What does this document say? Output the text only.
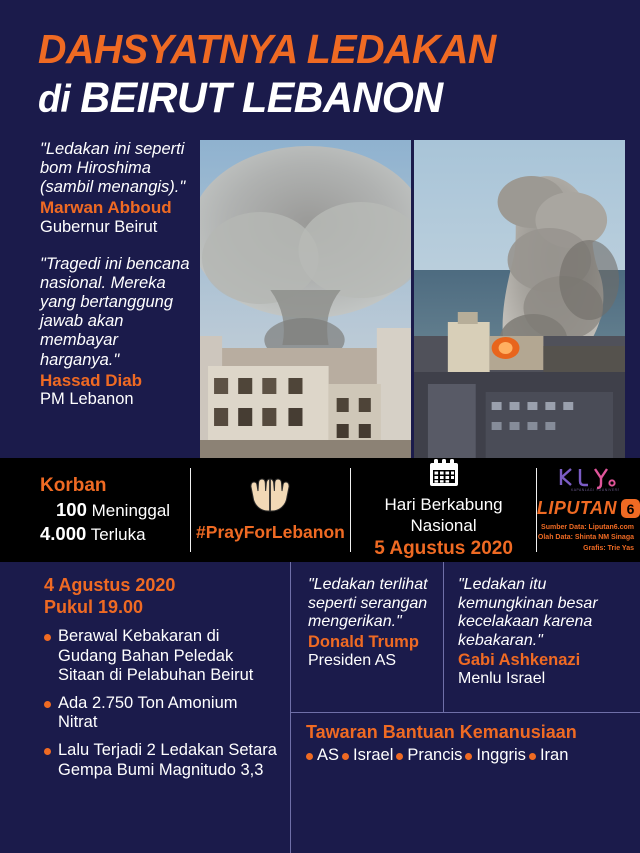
DAHSYATNYA LEDAKAN
di BEIRUT LEBANON
"Ledakan ini seperti bom Hiroshima (sambil menangis)."
Marwan Abboud
Gubernur Beirut
"Tragedi ini bencana nasional. Mereka yang bertanggung jawab akan membayar harganya."
Hassad Diab
PM Lebanon
Korban
100 Meninggal
4.000 Terluka	#PrayForLebanon
Hari Berkabung
Nasional
5 Agustus 2020
KAPANLAGI YOUNIVERSE
LIPUTAN 6
Sumber Data: Liputan6.com
Olah Data: Shinta NM Sinaga
Grafis: Trie Yas
4 Agustus 2020
Pukul 19.00
Berawal Kebakaran di Gudang Bahan Peledak Sitaan di Pelabuhan Beirut
Ada 2.750 Ton Amonium Nitrat
Lalu Terjadi 2 Ledakan Setara Gempa Bumi Magnitudo 3,3
"Ledakan terlihat seperti serangan mengerikan."
Donald Trump
Presiden AS
"Ledakan itu kemungkinan besar kecelakaan karena kebakaran."
Gabi Ashkenazi
Menlu Israel
Tawaran Bantuan Kemanusiaan
AS Israel Prancis Inggris Iran
